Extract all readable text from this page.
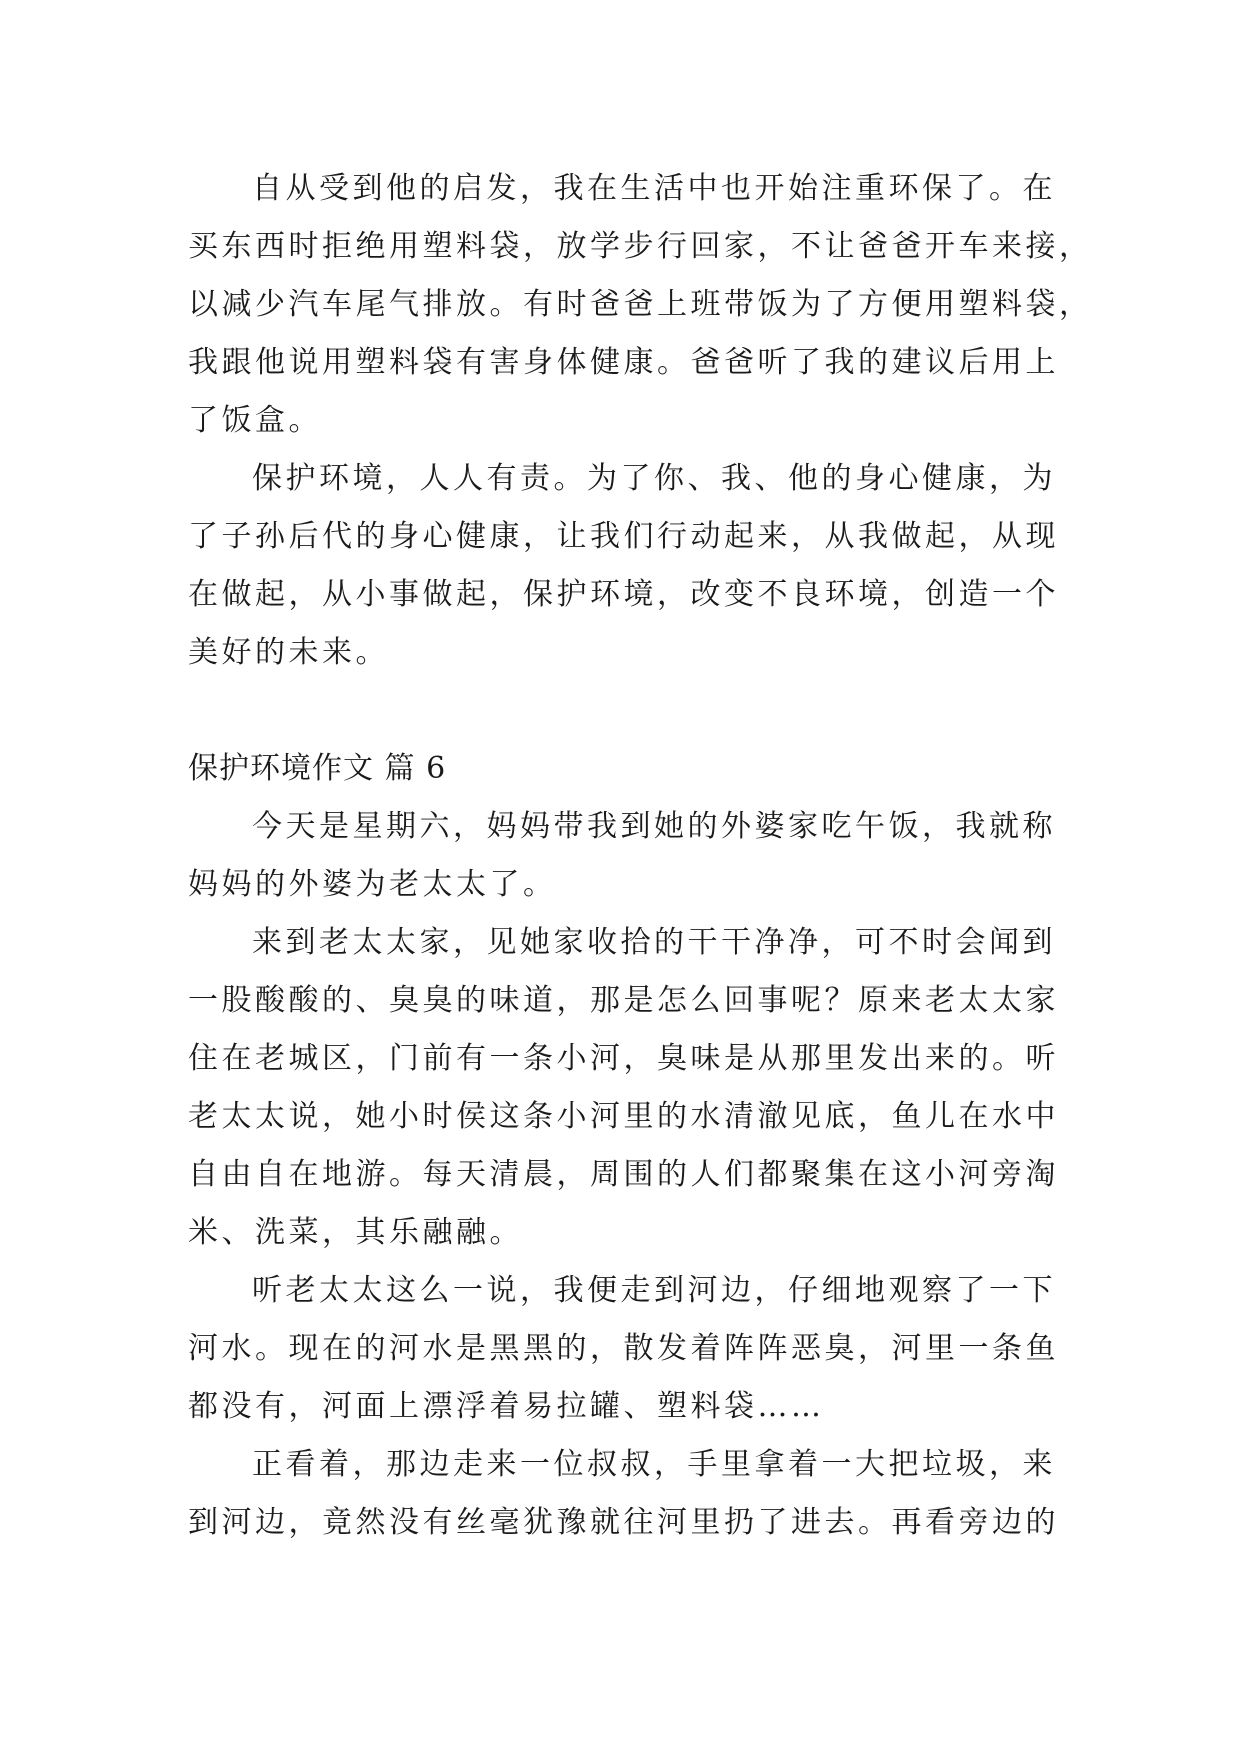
自从受到他的启发，我在生活中也开始注重环保了。在
买东西时拒绝用塑料袋，放学步行回家，不让爸爸开车来接，
以减少汽车尾气排放。有时爸爸上班带饭为了方便用塑料袋，
我跟他说用塑料袋有害身体健康。爸爸听了我的建议后用上
了饭盒。
保护环境，人人有责。为了你、我、他的身心健康，为
了子孙后代的身心健康，让我们行动起来，从我做起，从现
在做起，从小事做起，保护环境，改变不良环境，创造一个
美好的未来。
保护环境作文 篇 6
今天是星期六，妈妈带我到她的外婆家吃午饭，我就称
妈妈的外婆为老太太了。
来到老太太家，见她家收拾的干干净净，可不时会闻到
一股酸酸的、臭臭的味道，那是怎么回事呢？原来老太太家
住在老城区，门前有一条小河，臭味是从那里发出来的。听
老太太说，她小时侯这条小河里的水清澈见底，鱼儿在水中
自由自在地游。每天清晨，周围的人们都聚集在这小河旁淘
米、洗菜，其乐融融。
听老太太这么一说，我便走到河边，仔细地观察了一下
河水。现在的河水是黑黑的，散发着阵阵恶臭，河里一条鱼
都没有，河面上漂浮着易拉罐、塑料袋……
正看着，那边走来一位叔叔，手里拿着一大把垃圾，来
到河边，竟然没有丝毫犹豫就往河里扔了进去。再看旁边的
